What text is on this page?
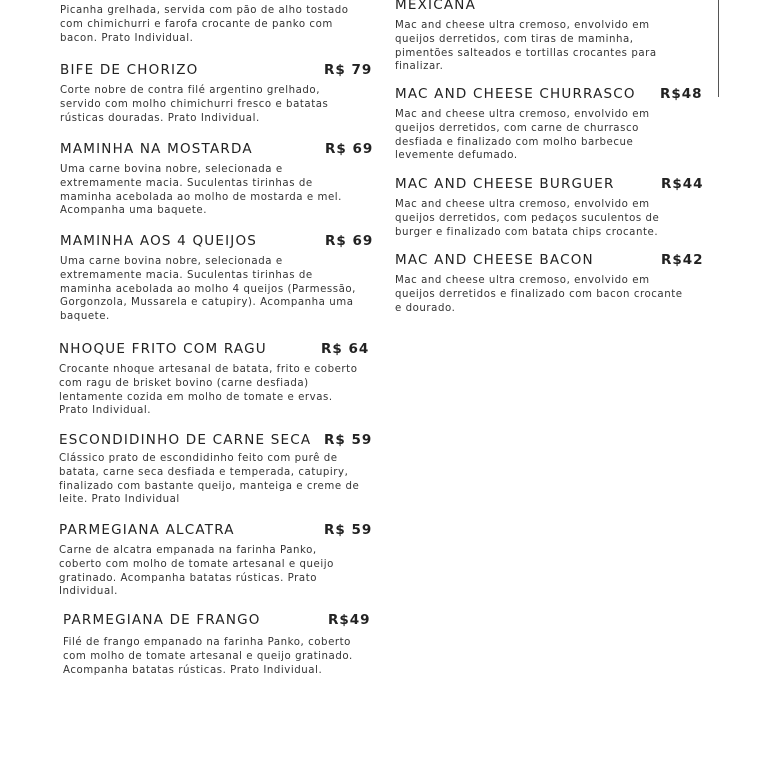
Picanha grelhada, servida com pão de alho tostado
com chimichurri e farofa crocante de panko com
bacon. Prato Individual.
BIFE DE CHORIZO	R$ 79
Corte nobre de contra filé argentino grelhado,
servido com molho chimichurri fresco e batatas
rústicas douradas. Prato Individual.
MAMINHA NA MOSTARDA	R$ 69
Uma carne bovina nobre, selecionada e
extremamente macia. Suculentas tirinhas de
maminha acebolada ao molho de mostarda e mel.
Acompanha uma baquete.
MAMINHA AOS 4 QUEIJOS	R$ 69
Uma carne bovina nobre, selecionada e
extremamente macia. Suculentas tirinhas de
maminha acebolada ao molho 4 queijos (Parmessão,
Gorgonzola, Mussarela e catupiry). Acompanha uma
baquete.
NHOQUE FRITO COM RAGU	R$ 64
Crocante nhoque artesanal de batata, frito e coberto
com ragu de brisket bovino (carne desfiada)
lentamente cozida em molho de tomate e ervas.
Prato Individual.
ESCONDIDINHO DE CARNE SECA R$ 59
Clássico prato de escondidinho feito com purê de
batata, carne seca desfiada e temperada, catupiry,
finalizado com bastante queijo, manteiga e creme de
leite. Prato Individual
PARMEGIANA ALCATRA	R$ 59
Carne de alcatra empanada na farinha Panko,
coberto com molho de tomate artesanal e queijo
gratinado. Acompanha batatas rústicas. Prato
Individual.
PARMEGIANA DE FRANGO	R$49
Filé de frango empanado na farinha Panko, coberto
com molho de tomate artesanal e queijo gratinado.
Acompanha batatas rústicas. Prato Individual.
MEXICANA
Mac and cheese ultra cremoso, envolvido em
queijos derretidos, com tiras de maminha,
pimentões salteados e tortillas crocantes para
finalizar.
MAC AND CHEESE CHURRASCO R$48
Mac and cheese ultra cremoso, envolvido em
queijos derretidos, com carne de churrasco
desfiada e finalizado com molho barbecue
levemente defumado.
MAC AND CHEESE BURGUER	R$44
Mac and cheese ultra cremoso, envolvido em
queijos derretidos, com pedaços suculentos de
burger e finalizado com batata chips crocante.
MAC AND CHEESE BACON	R$42
Mac and cheese ultra cremoso, envolvido em
queijos derretidos e finalizado com bacon crocante
e dourado.
